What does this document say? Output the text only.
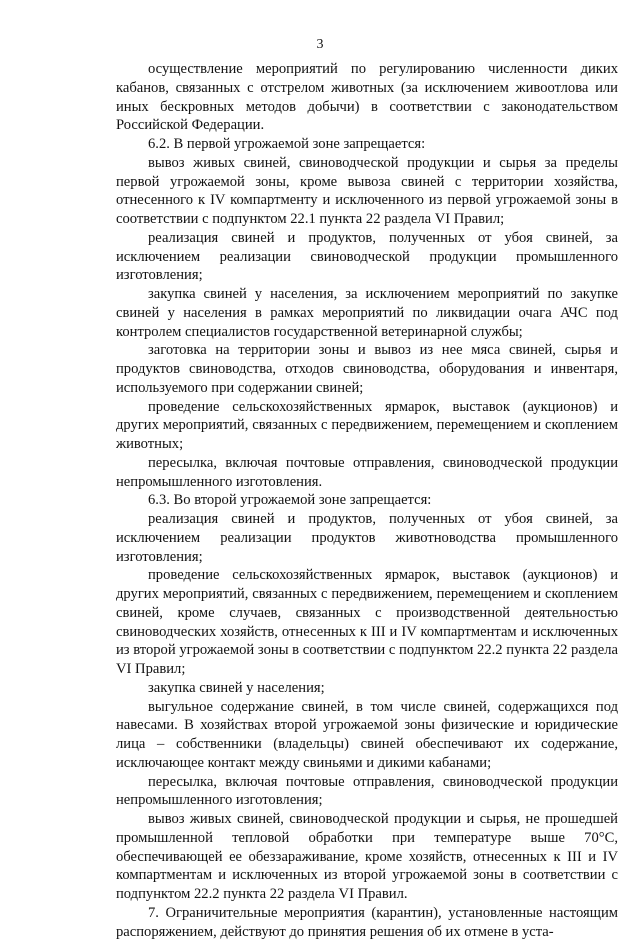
3

осуществление мероприятий по регулированию численности диких кабанов, связанных с отстрелом животных (за исключением живоотлова или иных бескровных методов добычи) в соответствии с законодательством Российской Федерации.

6.2. В первой угрожаемой зоне запрещается:

вывоз живых свиней, свиноводческой продукции и сырья за пределы первой угрожаемой зоны, кроме вывоза свиней с территории хозяйства, отнесенного к IV компартменту и исключенного из первой угрожаемой зоны в соответствии с подпунктом 22.1 пункта 22 раздела VI Правил;

реализация свиней и продуктов, полученных от убоя свиней, за исключением реализации свиноводческой продукции промышленного изготовления;

закупка свиней у населения, за исключением мероприятий по закупке свиней у населения в рамках мероприятий по ликвидации очага АЧС под контролем специалистов государственной ветеринарной службы;

заготовка на территории зоны и вывоз из нее мяса свиней, сырья и продуктов свиноводства, отходов свиноводства, оборудования и инвентаря, используемого при содержании свиней;

проведение сельскохозяйственных ярмарок, выставок (аукционов) и других мероприятий, связанных с передвижением, перемещением и скоплением животных;

пересылка, включая почтовые отправления, свиноводческой продукции непромышленного изготовления.

6.3. Во второй угрожаемой зоне запрещается:

реализация свиней и продуктов, полученных от убоя свиней, за исключением реализации продуктов животноводства промышленного изготовления;

проведение сельскохозяйственных ярмарок, выставок (аукционов) и других мероприятий, связанных с передвижением, перемещением и скоплением свиней, кроме случаев, связанных с производственной деятельностью свиноводческих хозяйств, отнесенных к III и IV компартментам и исключенных из второй угрожаемой зоны в соответствии с подпунктом 22.2 пункта 22 раздела VI Правил;

закупка свиней у населения;

выгульное содержание свиней, в том числе свиней, содержащихся под навесами. В хозяйствах второй угрожаемой зоны физические и юридические лица – собственники (владельцы) свиней обеспечивают их содержание, исключающее контакт между свиньями и дикими кабанами;

пересылка, включая почтовые отправления, свиноводческой продукции непромышленного изготовления;

вывоз живых свиней, свиноводческой продукции и сырья, не прошедшей промышленной тепловой обработки при температуре выше 70°С, обеспечивающей ее обеззараживание, кроме хозяйств, отнесенных к III и IV компартментам и исключенных из второй угрожаемой зоны в соответствии с подпунктом 22.2 пункта 22 раздела VI Правил.

7. Ограничительные мероприятия (карантин), установленные настоящим распоряжением, действуют до принятия решения об их отмене в уста-
